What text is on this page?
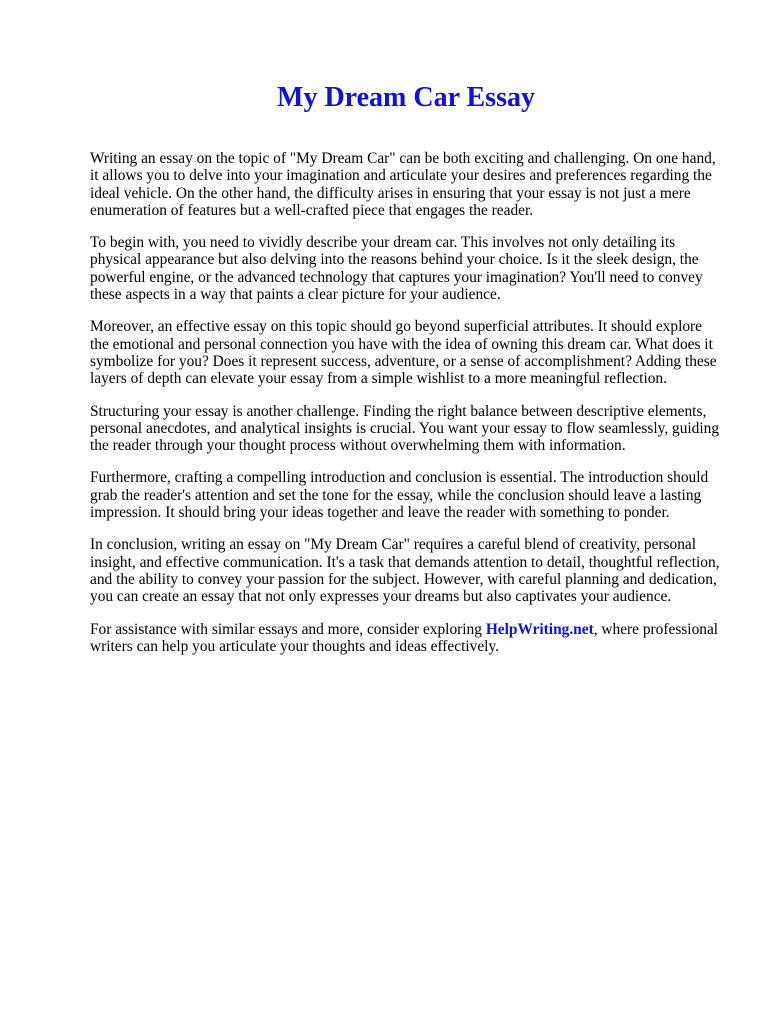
My Dream Car Essay

Writing an essay on the topic of "My Dream Car" can be both exciting and challenging. On one hand, it allows you to delve into your imagination and articulate your desires and preferences regarding the ideal vehicle. On the other hand, the difficulty arises in ensuring that your essay is not just a mere enumeration of features but a well-crafted piece that engages the reader.

To begin with, you need to vividly describe your dream car. This involves not only detailing its physical appearance but also delving into the reasons behind your choice. Is it the sleek design, the powerful engine, or the advanced technology that captures your imagination? You'll need to convey these aspects in a way that paints a clear picture for your audience.

Moreover, an effective essay on this topic should go beyond superficial attributes. It should explore the emotional and personal connection you have with the idea of owning this dream car. What does it symbolize for you? Does it represent success, adventure, or a sense of accomplishment? Adding these layers of depth can elevate your essay from a simple wishlist to a more meaningful reflection.

Structuring your essay is another challenge. Finding the right balance between descriptive elements, personal anecdotes, and analytical insights is crucial. You want your essay to flow seamlessly, guiding the reader through your thought process without overwhelming them with information.

Furthermore, crafting a compelling introduction and conclusion is essential. The introduction should grab the reader's attention and set the tone for the essay, while the conclusion should leave a lasting impression. It should bring your ideas together and leave the reader with something to ponder.

In conclusion, writing an essay on "My Dream Car" requires a careful blend of creativity, personal insight, and effective communication. It's a task that demands attention to detail, thoughtful reflection, and the ability to convey your passion for the subject. However, with careful planning and dedication, you can create an essay that not only expresses your dreams but also captivates your audience.

For assistance with similar essays and more, consider exploring HelpWriting.net, where professional writers can help you articulate your thoughts and ideas effectively.
